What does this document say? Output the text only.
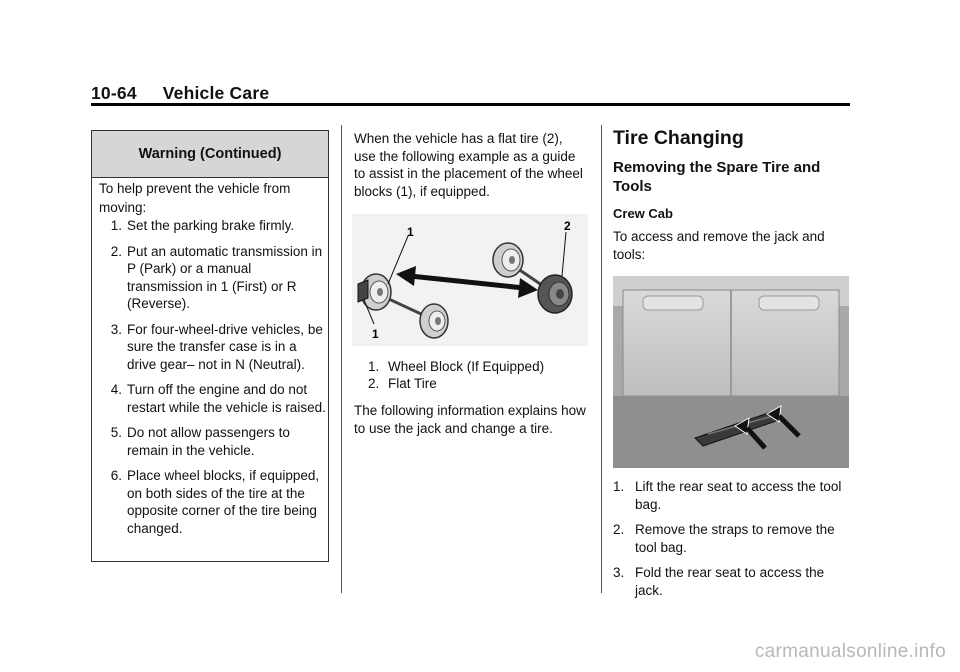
10-64 Vehicle Care
Warning (Continued)
To help prevent the vehicle from moving:
1. Set the parking brake firmly.
2. Put an automatic transmission in P (Park) or a manual transmission in 1 (First) or R (Reverse).
3. For four-wheel-drive vehicles, be sure the transfer case is in a drive gear– not in N (Neutral).
4. Turn off the engine and do not restart while the vehicle is raised.
5. Do not allow passengers to remain in the vehicle.
6. Place wheel blocks, if equipped, on both sides of the tire at the opposite corner of the tire being changed.
When the vehicle has a flat tire (2), use the following example as a guide to assist in the placement of the wheel blocks (1), if equipped.
1
1
2
1. Wheel Block (If Equipped)
2. Flat Tire
The following information explains how to use the jack and change a tire.
Tire Changing
Removing the Spare Tire and Tools
Crew Cab
To access and remove the jack and tools:
1. Lift the rear seat to access the tool bag.
2. Remove the straps to remove the tool bag.
3. Fold the rear seat to access the jack.
carmanualsonline.info
